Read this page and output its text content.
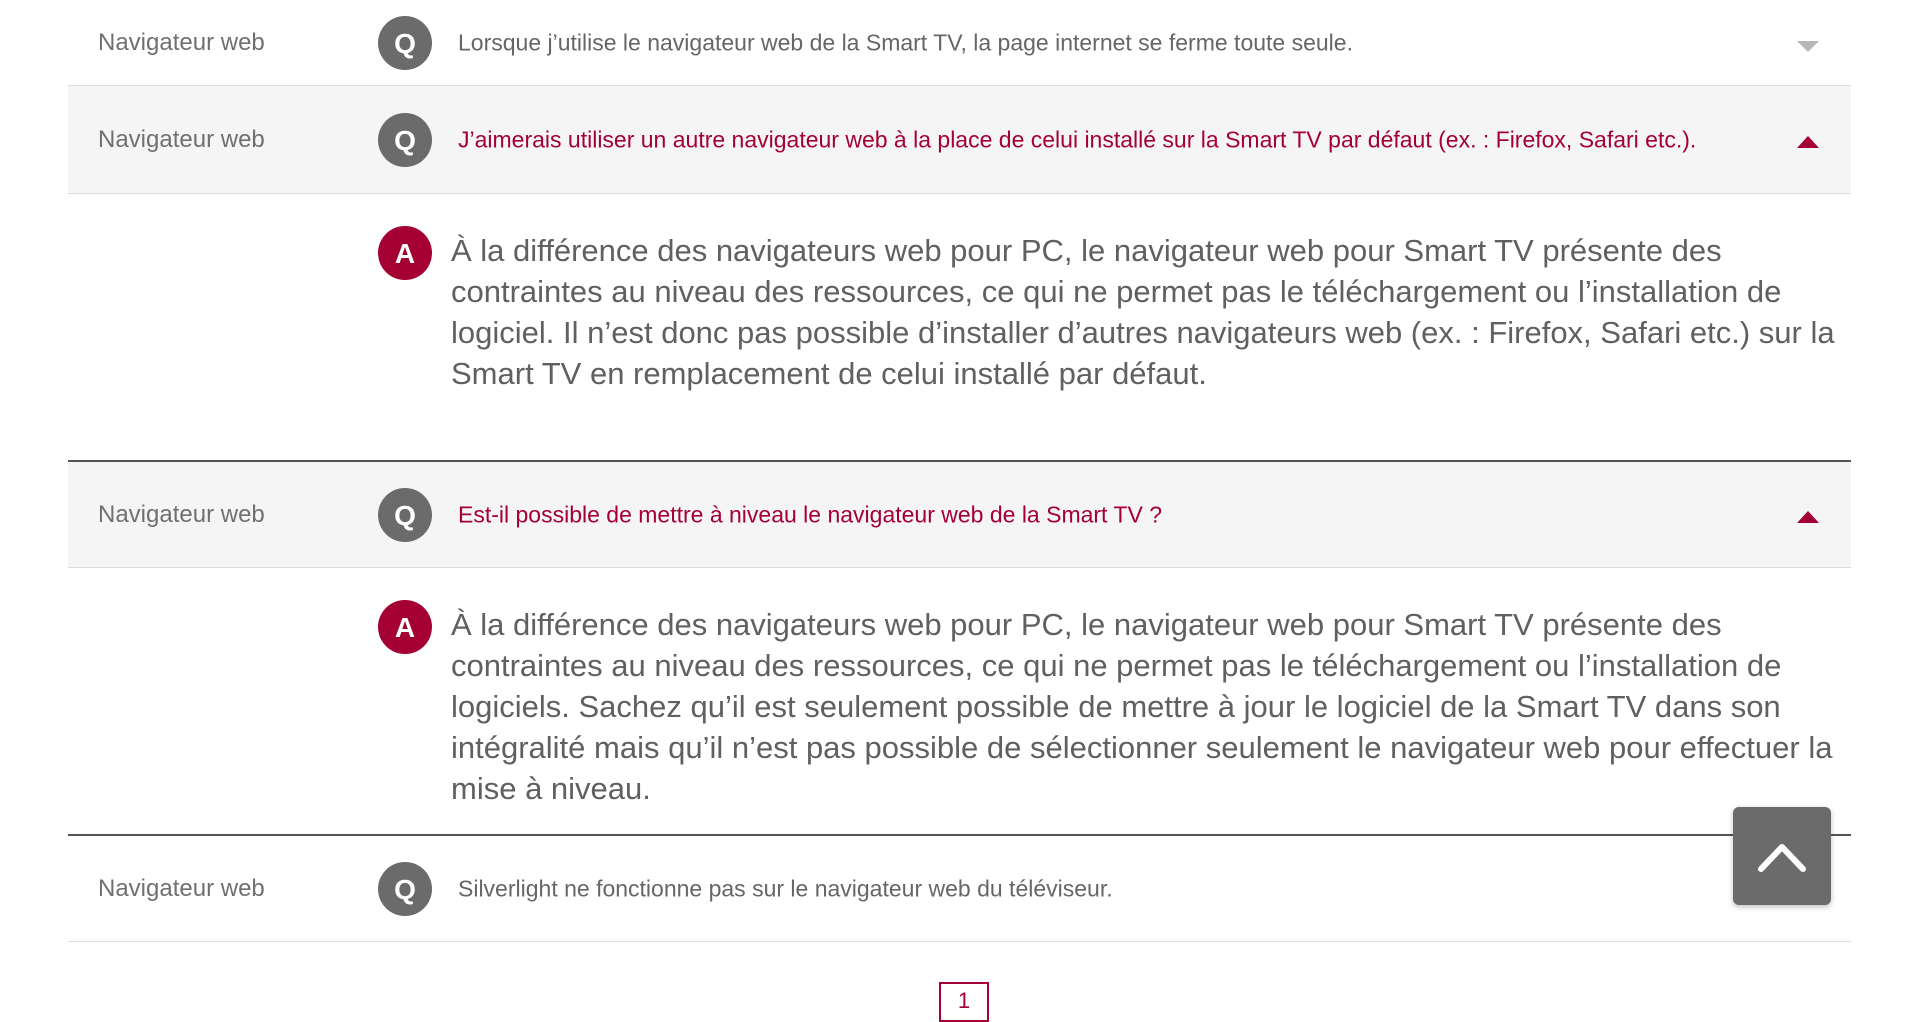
Navigateur web	Q	Lorsque j’utilise le navigateur web de la Smart TV, la page internet se ferme toute seule.
Navigateur web	Q	J’aimerais utiliser un autre navigateur web à la place de celui installé sur la Smart TV par défaut (ex. : Firefox, Safari etc.).
A	À la différence des navigateurs web pour PC, le navigateur web pour Smart TV présente des contraintes au niveau des ressources, ce qui ne permet pas le téléchargement ou l’installation de logiciel. Il n’est donc pas possible d’installer d’autres navigateurs web (ex. : Firefox, Safari etc.) sur la Smart TV en remplacement de celui installé par défaut.
Navigateur web	Q	Est-il possible de mettre à niveau le navigateur web de la Smart TV ?
A	À la différence des navigateurs web pour PC, le navigateur web pour Smart TV présente des contraintes au niveau des ressources, ce qui ne permet pas le téléchargement ou l’installation de logiciels. Sachez qu’il est seulement possible de mettre à jour le logiciel de la Smart TV dans son intégralité mais qu’il n’est pas possible de sélectionner seulement le navigateur web pour effectuer la mise à niveau.
Navigateur web	Q	Silverlight ne fonctionne pas sur le navigateur web du téléviseur.
1
